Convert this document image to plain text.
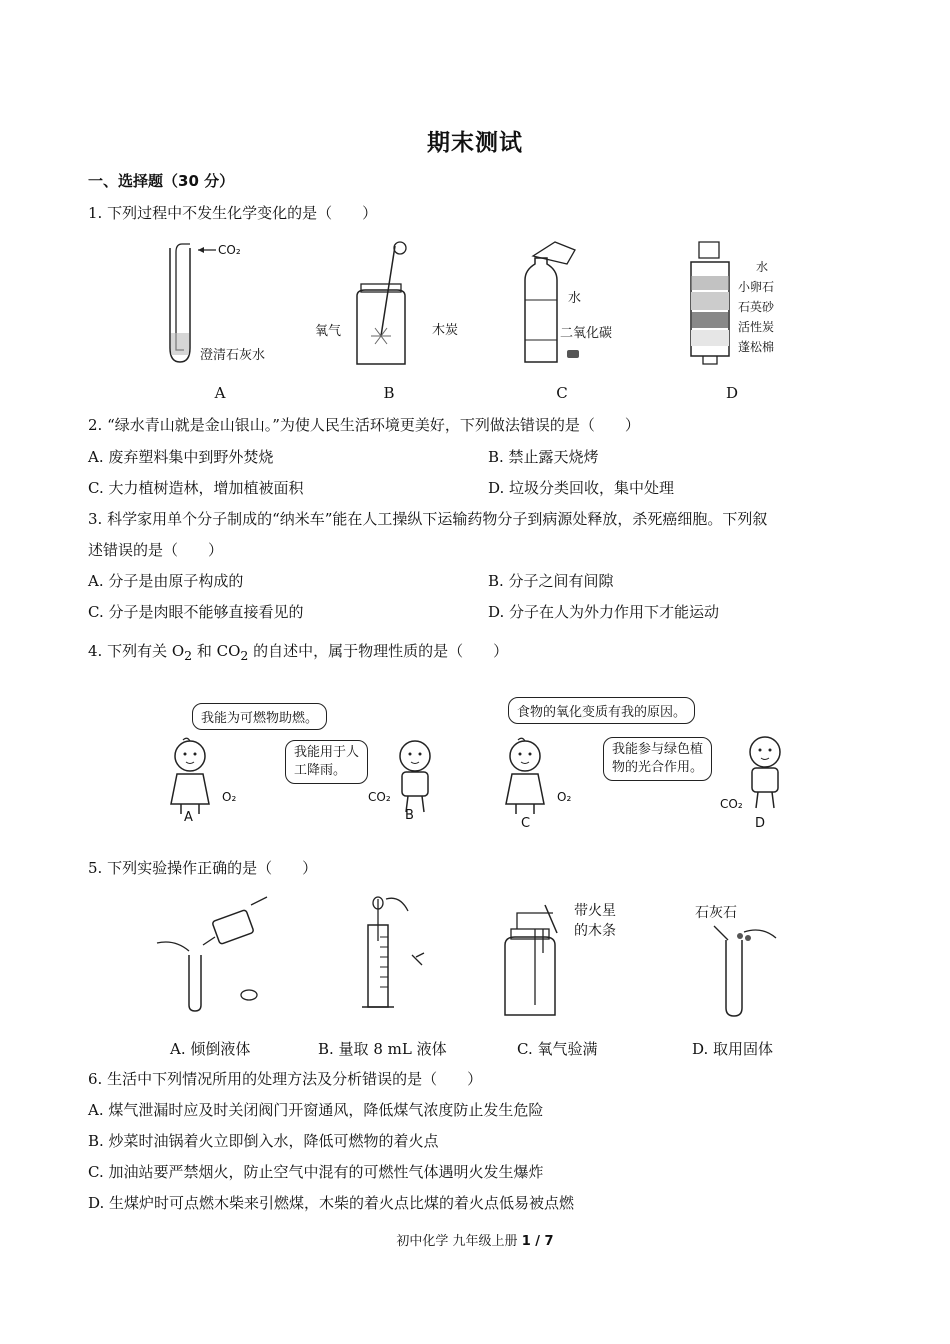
期末测试
一、选择题（30 分）
1. 下列过程中不发生化学变化的是（　　）
CO₂
澄清石灰水
氧气	木炭
水
二氧化碳
水
小卵石
石英砂
活性炭
蓬松棉
A	B	C	D
2. “绿水青山就是金山银山。”为使人民生活环境更美好，下列做法错误的是（　　）
A. 废弃塑料集中到野外焚烧	B. 禁止露天烧烤
C. 大力植树造林，增加植被面积	D. 垃圾分类回收，集中处理
3. 科学家用单个分子制成的“纳米车”能在人工操纵下运输药物分子到病源处释放，杀死癌细胞。下列叙
述错误的是（　　）
A. 分子是由原子构成的	B. 分子之间有间隙
C. 分子是肉眼不能够直接看见的	D. 分子在人为外力作用下才能运动
4. 下列有关 $O_2$ 和 $CO_2$ 的自述中，属于物理性质的是（　　）
我能为可燃物助燃。
我能用于人
工降雨。
食物的氧化变质有我的原因。
我能参与绿色植
物的光合作用。
O₂	CO₂	O₂	CO₂
A	B
C	D
5. 下列实验操作正确的是（　　）
带火星
的木条
石灰石
A. 倾倒液体	B. 量取 8 mL 液体	C. 氧气验满	D. 取用固体
6. 生活中下列情况所用的处理方法及分析错误的是（　　）
A. 煤气泄漏时应及时关闭阀门开窗通风，降低煤气浓度防止发生危险
B. 炒菜时油锅着火立即倒入水，降低可燃物的着火点
C. 加油站要严禁烟火，防止空气中混有的可燃性气体遇明火发生爆炸
D. 生煤炉时可点燃木柴来引燃煤，木柴的着火点比煤的着火点低易被点燃
初中化学 九年级上册 1 / 7
